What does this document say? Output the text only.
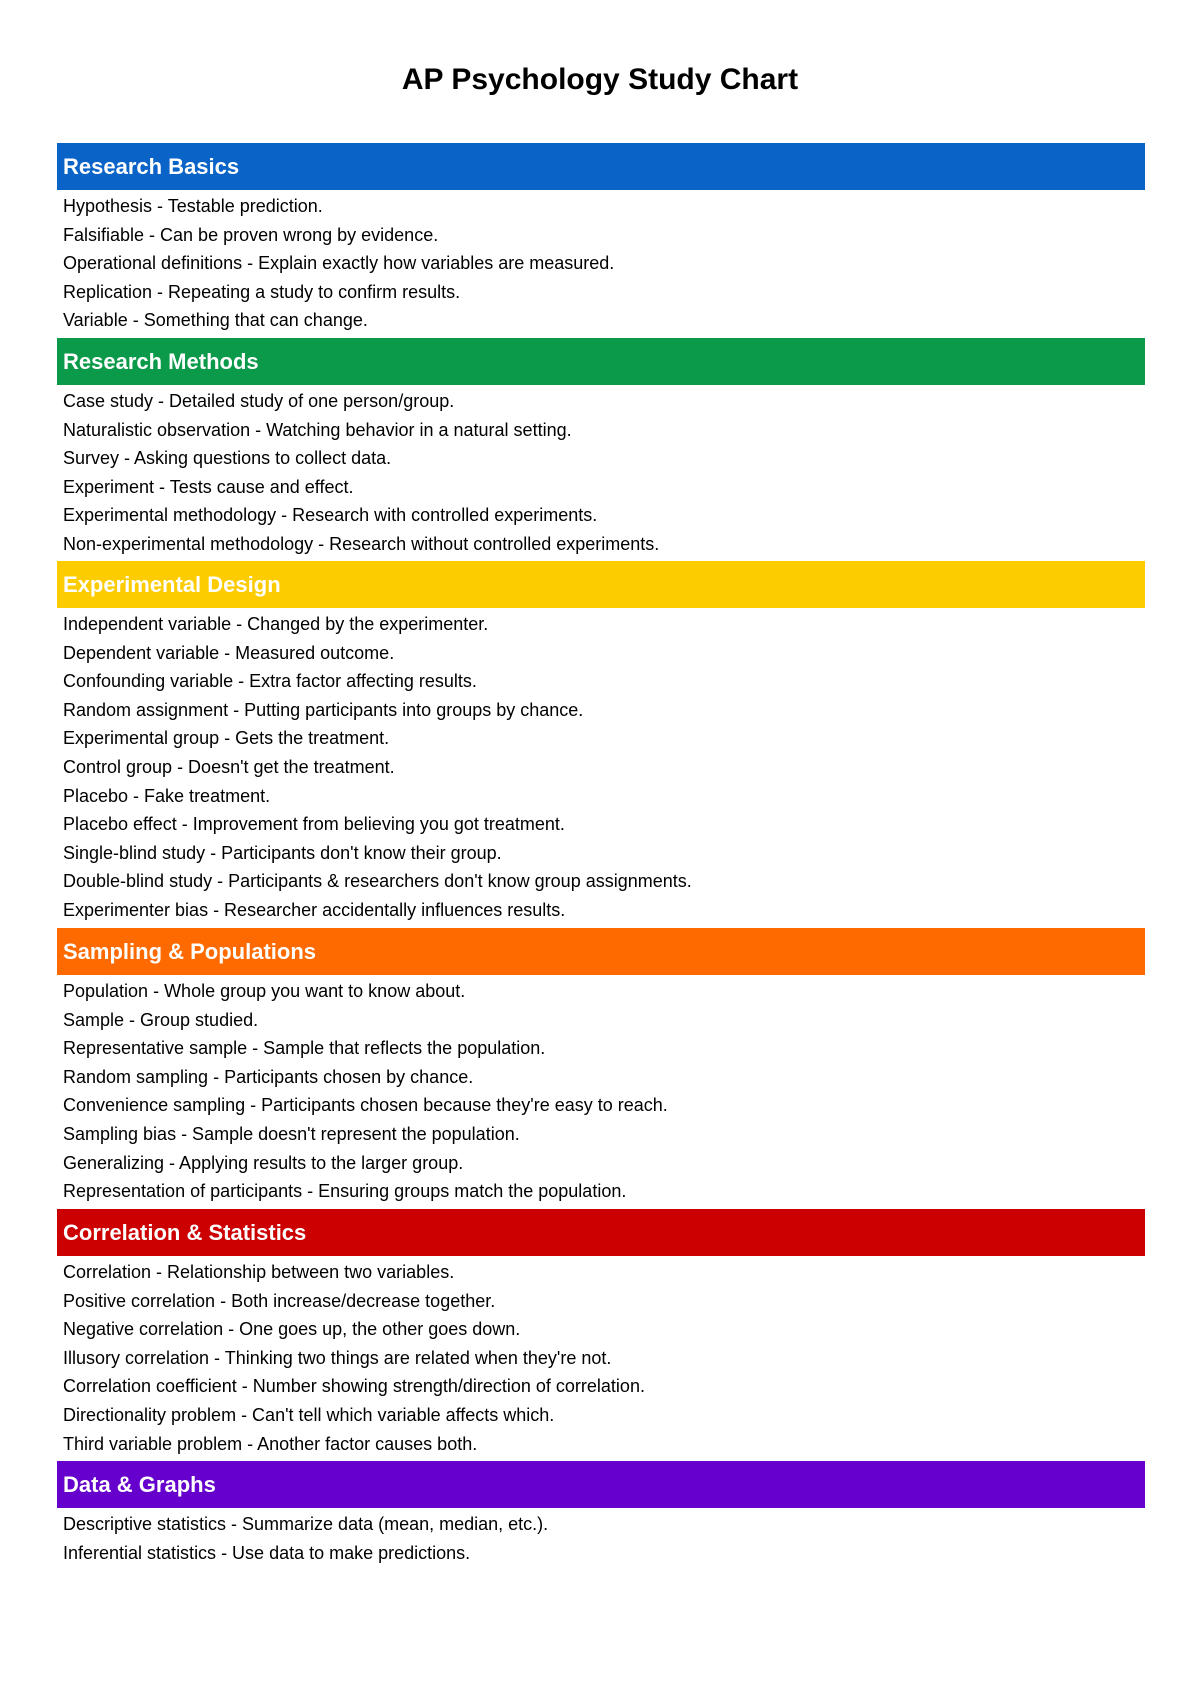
AP Psychology Study Chart
Research Basics
Hypothesis - Testable prediction.
Falsifiable - Can be proven wrong by evidence.
Operational definitions - Explain exactly how variables are measured.
Replication - Repeating a study to confirm results.
Variable - Something that can change.
Research Methods
Case study - Detailed study of one person/group.
Naturalistic observation - Watching behavior in a natural setting.
Survey - Asking questions to collect data.
Experiment - Tests cause and effect.
Experimental methodology - Research with controlled experiments.
Non-experimental methodology - Research without controlled experiments.
Experimental Design
Independent variable - Changed by the experimenter.
Dependent variable - Measured outcome.
Confounding variable - Extra factor affecting results.
Random assignment - Putting participants into groups by chance.
Experimental group - Gets the treatment.
Control group - Doesn't get the treatment.
Placebo - Fake treatment.
Placebo effect - Improvement from believing you got treatment.
Single-blind study - Participants don't know their group.
Double-blind study - Participants & researchers don't know group assignments.
Experimenter bias - Researcher accidentally influences results.
Sampling & Populations
Population - Whole group you want to know about.
Sample - Group studied.
Representative sample - Sample that reflects the population.
Random sampling - Participants chosen by chance.
Convenience sampling - Participants chosen because they're easy to reach.
Sampling bias - Sample doesn't represent the population.
Generalizing - Applying results to the larger group.
Representation of participants - Ensuring groups match the population.
Correlation & Statistics
Correlation - Relationship between two variables.
Positive correlation - Both increase/decrease together.
Negative correlation - One goes up, the other goes down.
Illusory correlation - Thinking two things are related when they're not.
Correlation coefficient - Number showing strength/direction of correlation.
Directionality problem - Can't tell which variable affects which.
Third variable problem - Another factor causes both.
Data & Graphs
Descriptive statistics - Summarize data (mean, median, etc.).
Inferential statistics - Use data to make predictions.
